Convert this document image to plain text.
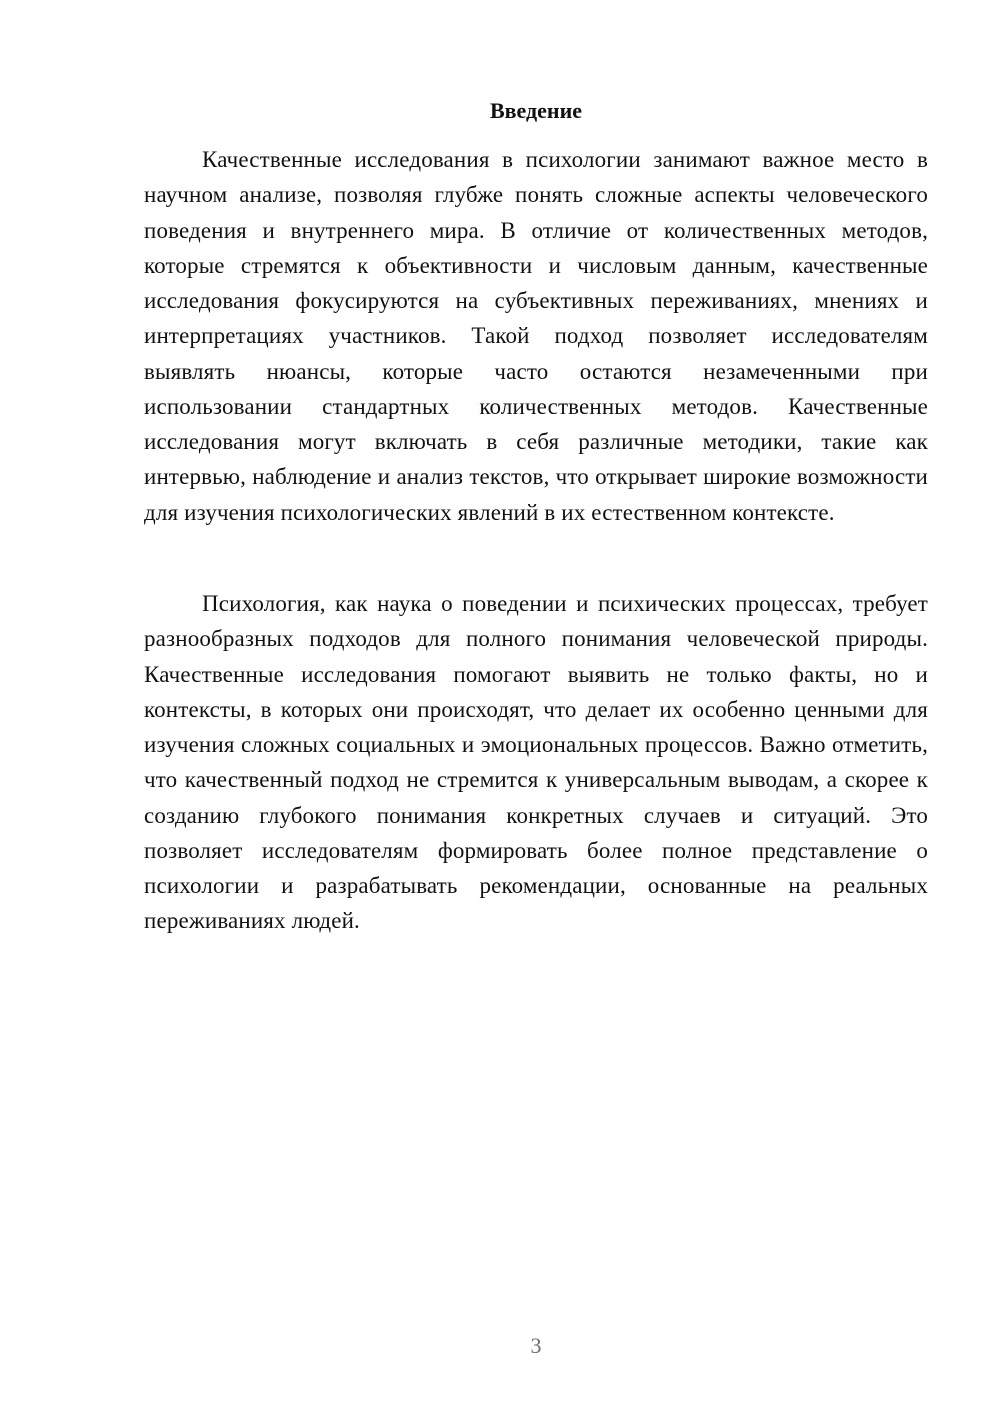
Введение

Качественные исследования в психологии занимают важное место в научном анализе, позволяя глубже понять сложные аспекты человеческого поведения и внутреннего мира. В отличие от количественных методов, которые стремятся к объективности и числовым данным, качественные исследования фокусируются на субъективных переживаниях, мнениях и интерпретациях участников. Такой подход позволяет исследователям выявлять нюансы, которые часто остаются незамеченными при использовании стандартных количественных методов. Качественные исследования могут включать в себя различные методики, такие как интервью, наблюдение и анализ текстов, что открывает широкие возможности для изучения психологических явлений в их естественном контексте.

Психология, как наука о поведении и психических процессах, требует разнообразных подходов для полного понимания человеческой природы. Качественные исследования помогают выявить не только факты, но и контексты, в которых они происходят, что делает их особенно ценными для изучения сложных социальных и эмоциональных процессов. Важно отметить, что качественный подход не стремится к универсальным выводам, а скорее к созданию глубокого понимания конкретных случаев и ситуаций. Это позволяет исследователям формировать более полное представление о психологии и разрабатывать рекомендации, основанные на реальных переживаниях людей.

3
